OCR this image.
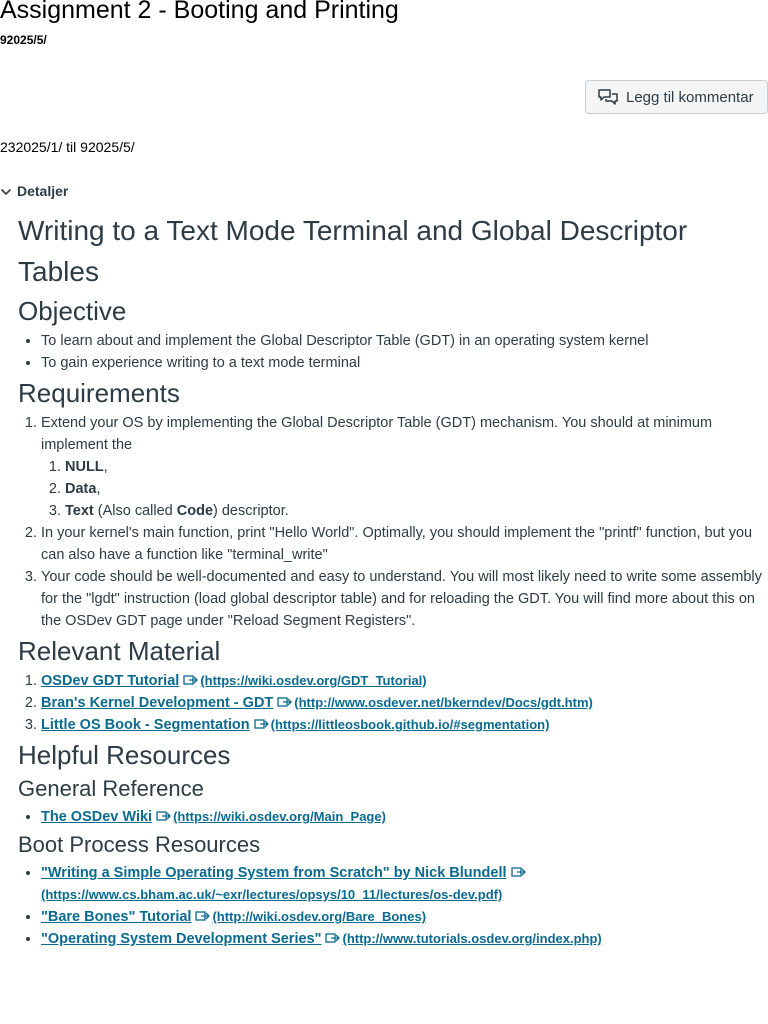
Assignment 2 - Booting and Printing
92025/5/
Legg til kommentar
232025/1/ til 92025/5/
Detaljer
Writing to a Text Mode Terminal and Global Descriptor Tables
Objective
• To learn about and implement the Global Descriptor Table (GDT) in an operating system kernel
• To gain experience writing to a text mode terminal
Requirements
1. Extend your OS by implementing the Global Descriptor Table (GDT) mechanism. You should at minimum implement the
1. NULL,
2. Data,
3. Text (Also called Code) descriptor.
2. In your kernel's main function, print "Hello World". Optimally, you should implement the "printf" function, but you can also have a function like "terminal_write"
3. Your code should be well-documented and easy to understand. You will most likely need to write some assembly for the "lgdt" instruction (load global descriptor table) and for reloading the GDT. You will find more about this on the OSDev GDT page under "Reload Segment Registers".
Relevant Material
1. OSDev GDT Tutorial (https://wiki.osdev.org/GDT_Tutorial)
2. Bran's Kernel Development - GDT (http://www.osdever.net/bkerndev/Docs/gdt.htm)
3. Little OS Book - Segmentation (https://littleosbook.github.io/#segmentation)
Helpful Resources
General Reference
• The OSDev Wiki (https://wiki.osdev.org/Main_Page)
Boot Process Resources
• "Writing a Simple Operating System from Scratch" by Nick Blundell
(https://www.cs.bham.ac.uk/~exr/lectures/opsys/10_11/lectures/os-dev.pdf)
• "Bare Bones" Tutorial (http://wiki.osdev.org/Bare_Bones)
• "Operating System Development Series" (http://www.tutorials.osdev.org/index.php)
